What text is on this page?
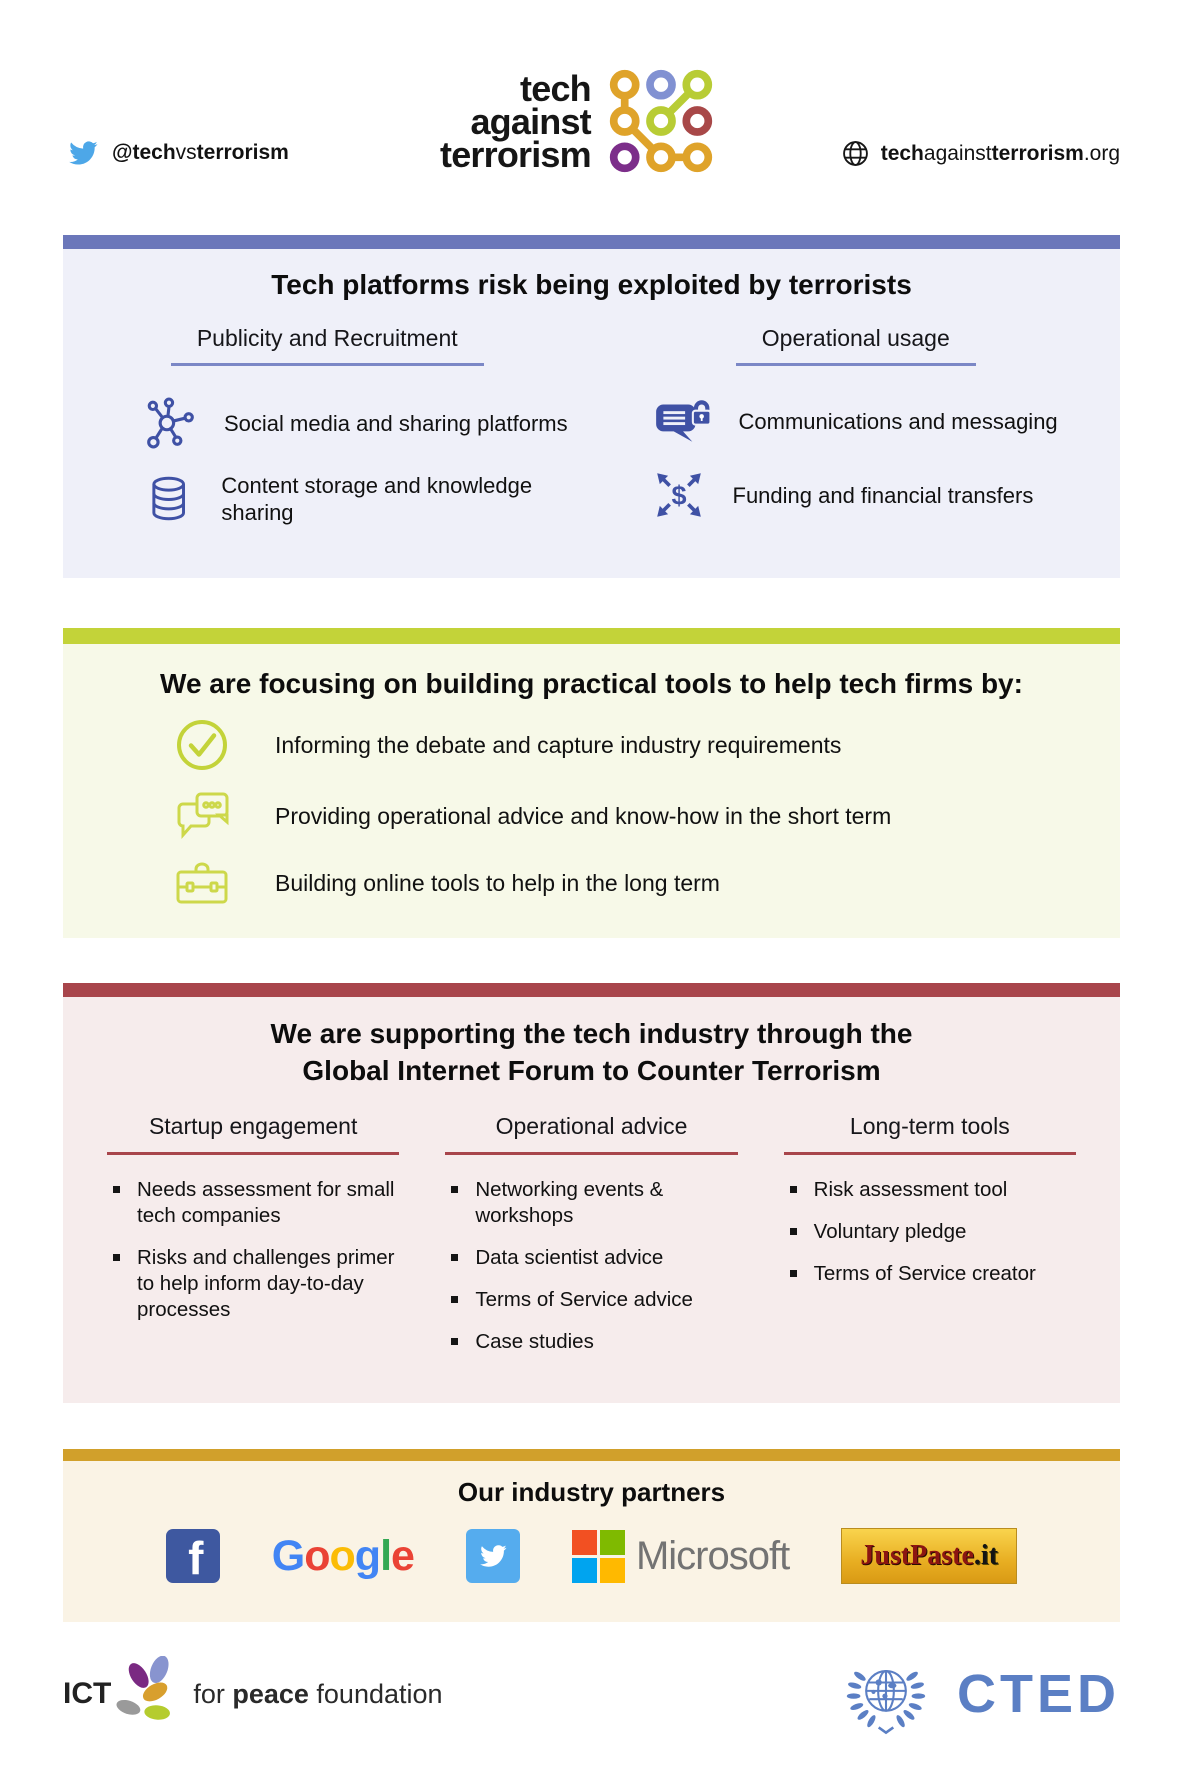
@techvsterrorism
tech
against
terrorism	techagainstterrorism.org
Tech platforms risk being exploited by terrorists
Publicity and Recruitment
Social media and sharing platforms
Content storage and knowledge sharing
Operational usage
Communications and messaging
$ Funding and financial transfers
We are focusing on building practical tools to help tech firms by:
Informing the debate and capture industry requirements
Providing operational advice and know-how in the short term
Building online tools to help in the long term
We are supporting the tech industry through the
Global Internet Forum to Counter Terrorism
Startup engagement
Needs assessment for small tech companies
Risks and challenges primer to help inform day-to-day processes
Operational advice
Networking events & workshops
Data scientist advice
Terms of Service advice
Case studies
Long-term tools
Risk assessment tool
Voluntary pledge
Terms of Service creator
Our industry partners
f Google	Microsoft	JustPaste .it
ICT	for peace foundation	CTED
